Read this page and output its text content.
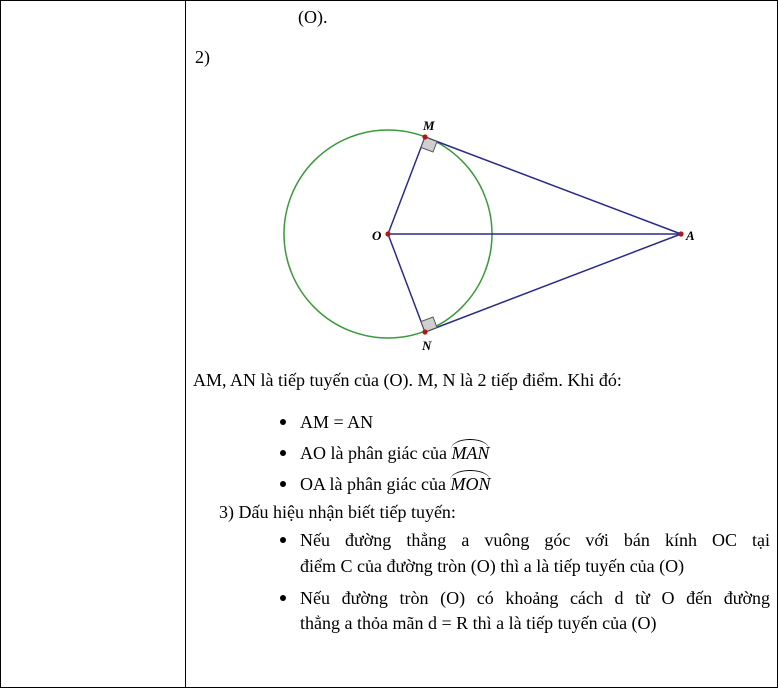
(O).
2)
M
O	A
N
AM, AN là tiếp tuyến của (O). M, N là 2 tiếp điểm. Khi đó:
AM = AN
AO là phân giác của MAN
OA là phân giác của MON
3) Dấu hiệu nhận biết tiếp tuyến:
Nếu đường thẳng a vuông góc với bán kính OC tại
điểm C của đường tròn (O) thì a là tiếp tuyến của (O)
Nếu đường tròn (O) có khoảng cách d từ O đến đường
thẳng a thỏa mãn d = R thì a là tiếp tuyến của (O)
